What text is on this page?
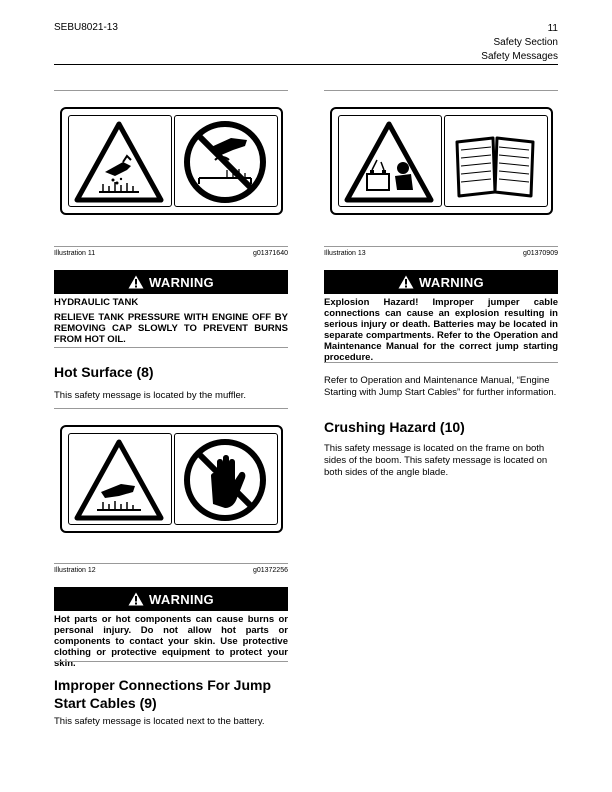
SEBU8021-13	11
Safety Section
Safety Messages
Illustration 11	g01371640
WARNING
HYDRAULIC TANK
RELIEVE TANK PRESSURE WITH ENGINE OFF BY REMOVING CAP SLOWLY TO PREVENT BURNS FROM HOT OIL.
Hot Surface (8)
This safety message is located by the muffler.
Illustration 12	g01372256
WARNING
Hot parts or hot components can cause burns or personal injury. Do not allow hot parts or components to contact your skin. Use protective clothing or protective equipment to protect your skin.
Improper Connections For Jump Start Cables (9)
This safety message is located next to the battery.
Illustration 13	g01370909
WARNING
Explosion Hazard! Improper jumper cable connections can cause an explosion resulting in serious injury or death. Batteries may be located in separate compartments. Refer to the Operation and Maintenance Manual for the correct jump starting procedure.
Refer to Operation and Maintenance Manual, “Engine Starting with Jump Start Cables” for further information.
Crushing Hazard (10)
This safety message is located on the frame on both sides of the boom. This safety message is located on both sides of the angle blade.
